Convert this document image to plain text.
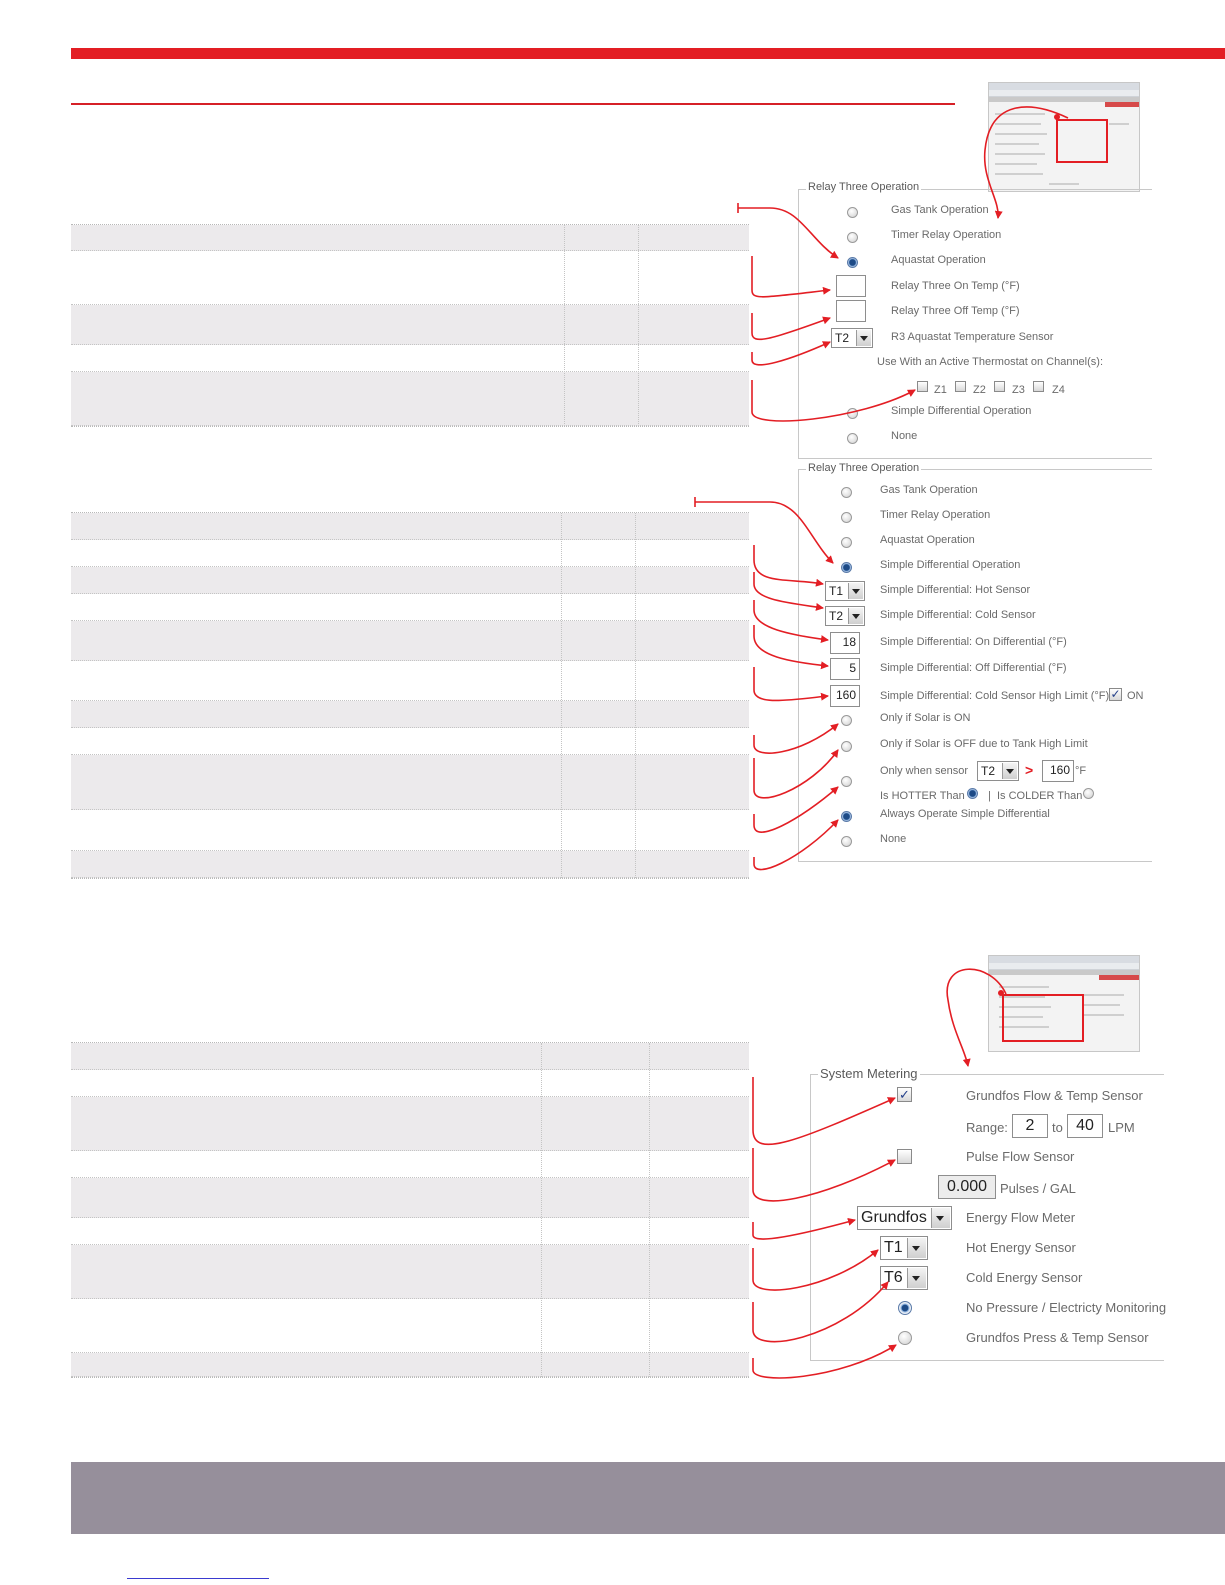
Relay Three Operation
Gas Tank Operation
Timer Relay Operation
Aquastat Operation
Relay Three On Temp (°F)
Relay Three Off Temp (°F)
T2	R3 Aquastat Temperature Sensor
Use With an Active Thermostat on Channel(s):
Z1 Z2 Z3 Z4
Simple Differential Operation
None
Relay Three Operation
Gas Tank Operation
Timer Relay Operation
Aquastat Operation
Simple Differential Operation
T1	Simple Differential: Hot Sensor
T2	Simple Differential: Cold Sensor
18	Simple Differential: On Differential (°F)
5	Simple Differential: Off Differential (°F)
160	Simple Differential: Cold Sensor High Limit (°F) ✓ ON
Only if Solar is ON
Only if Solar is OFF due to Tank High Limit
Only when sensor	T2	>	160 °F
Is HOTTER Than | Is COLDER Than
Always Operate Simple Differential
None
System Metering
✓	Grundfos Flow & Temp Sensor
Range:	2	to 40	LPM
Pulse Flow Sensor
0.000 Pulses / GAL
Grundfos	Energy Flow Meter
T1	Hot Energy Sensor
T6	Cold Energy Sensor
No Pressure / Electricty Monitoring
Grundfos Press & Temp Sensor
